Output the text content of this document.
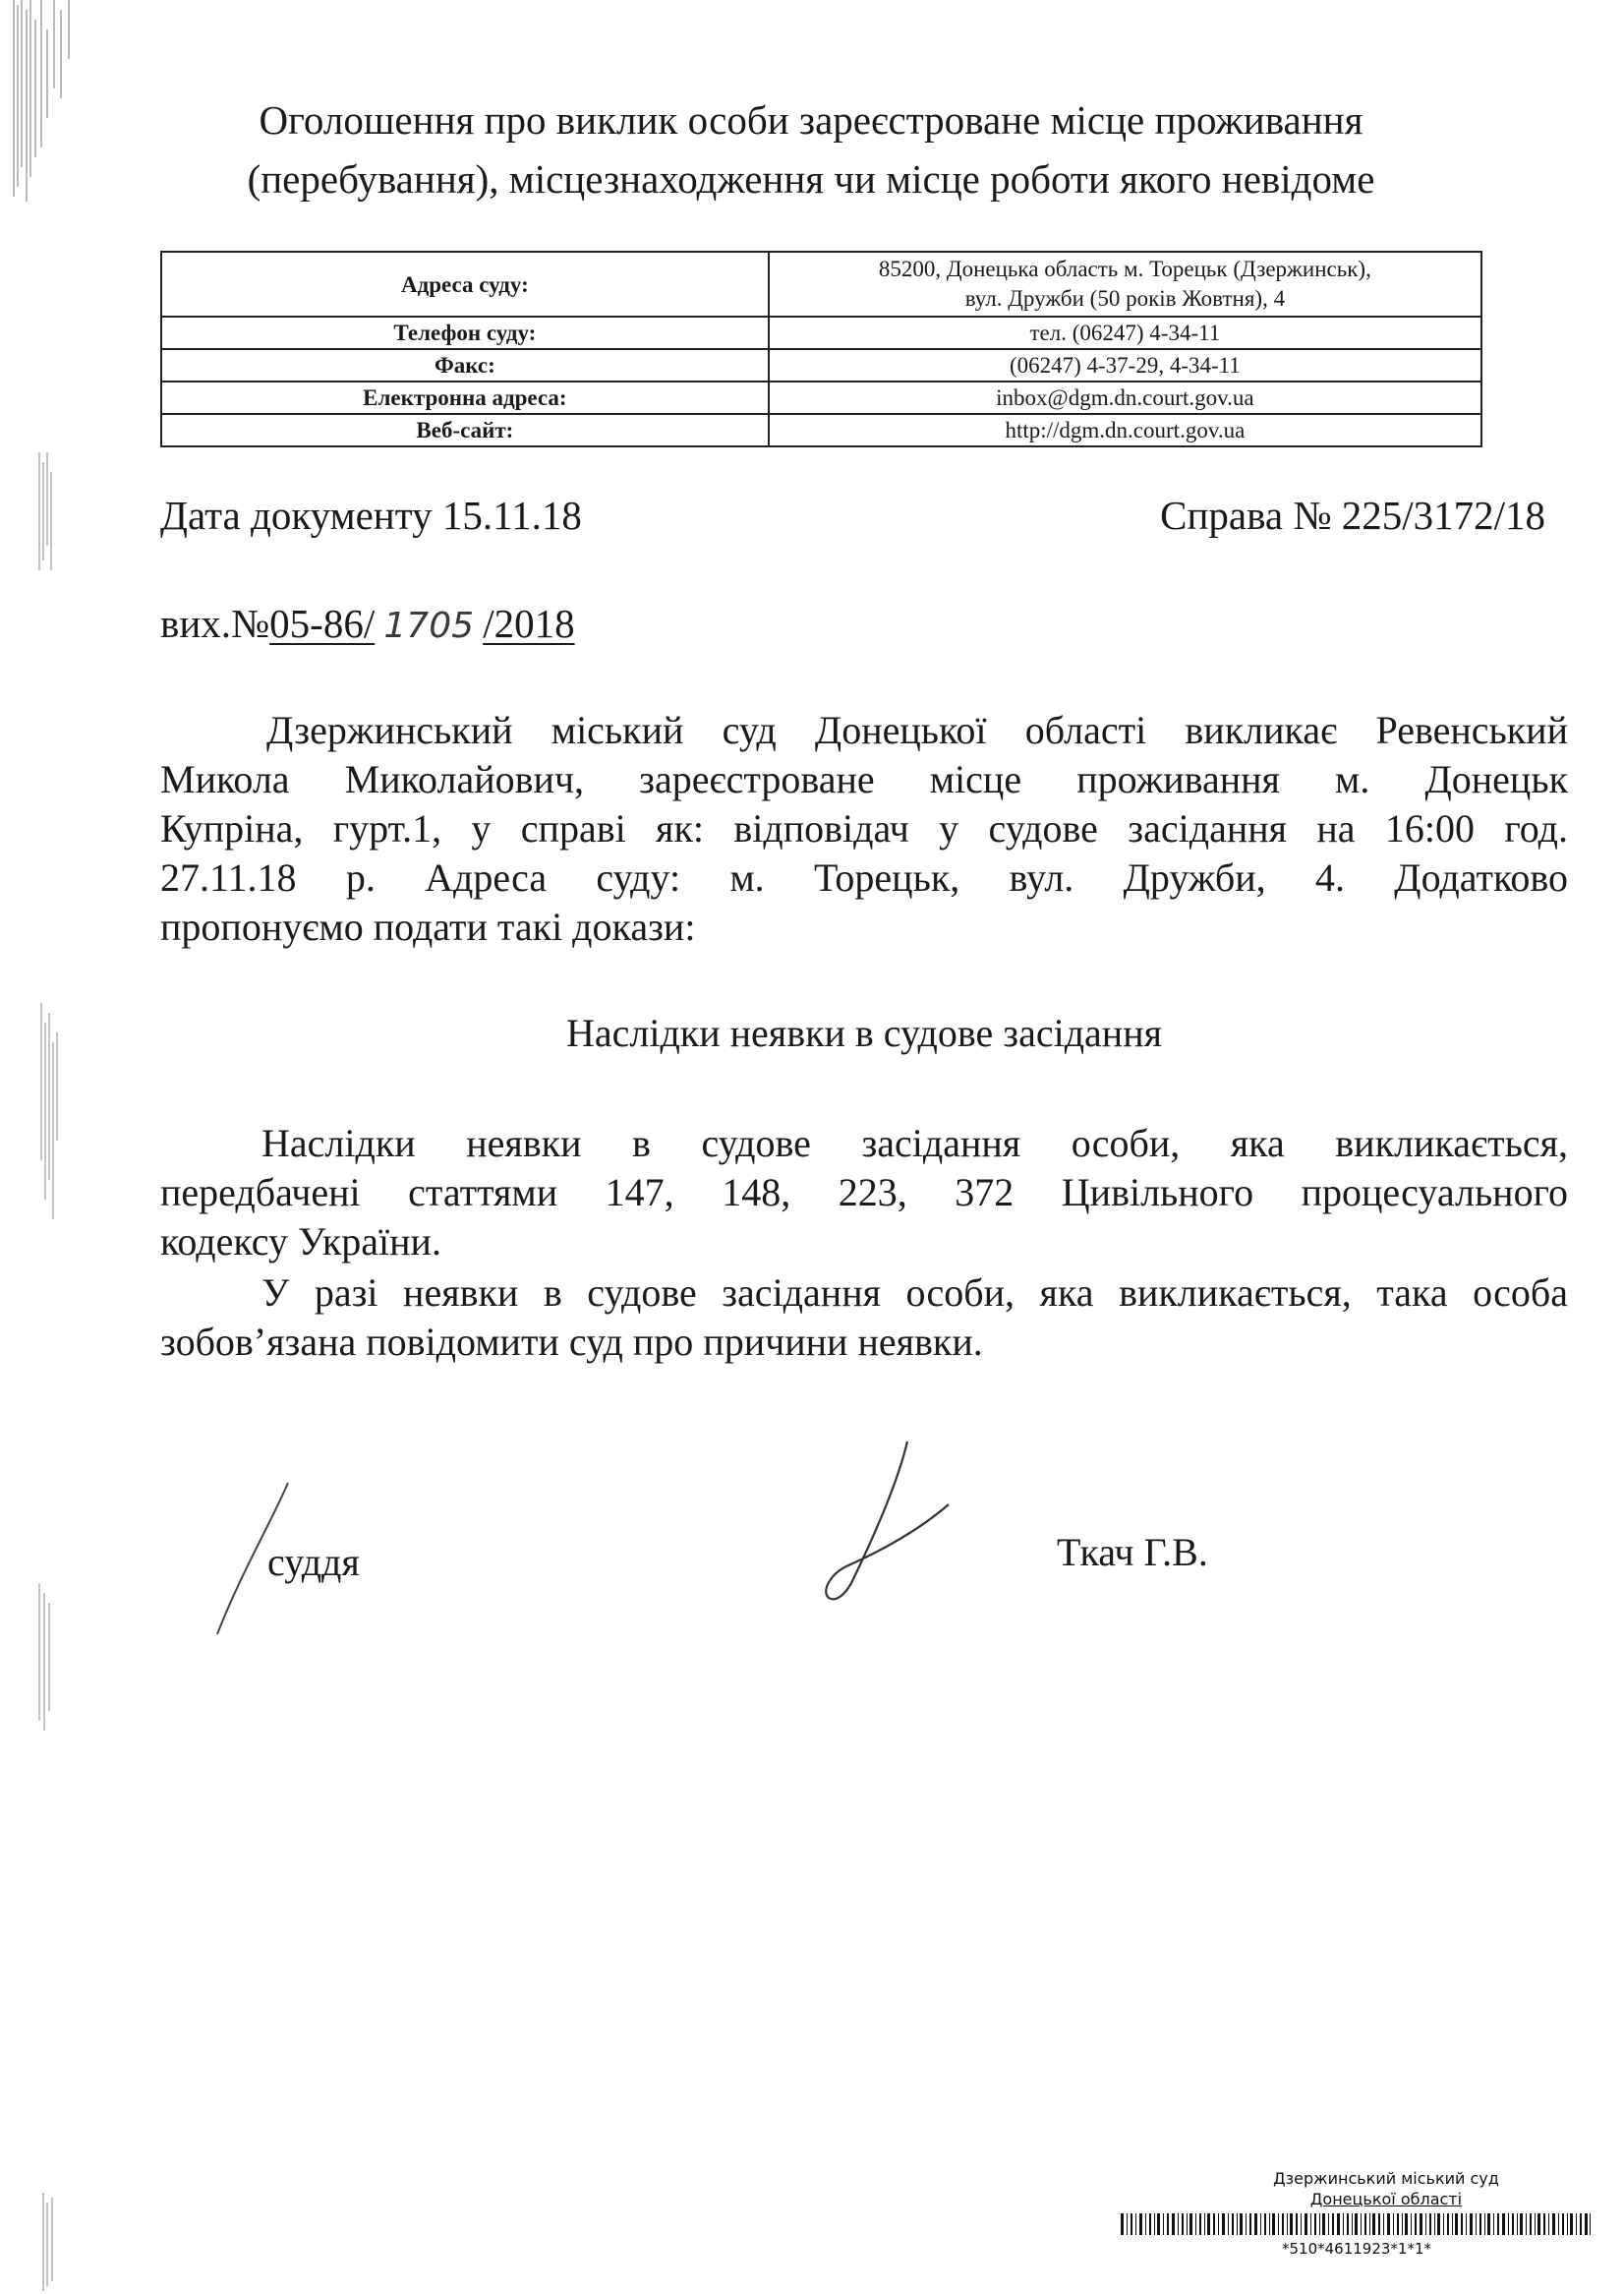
Оголошення про виклик особи зареєстроване місце проживання
(перебування), місцезнаходження чи місце роботи якого невідоме
Адреса суду:	85200, Донецька область м. Торецьк (Дзержинськ),
вул. Дружби (50 років Жовтня), 4

Телефон суду:	тел. (06247) 4-34-11
Факс:	(06247) 4-37-29, 4-34-11
Електронна адреса:	inbox@dgm.dn.court.gov.ua
Веб-сайт:	http://dgm.dn.court.gov.ua
Дата документу 15.11.18	Справа № 225/3172/18
вих.№05-86/ 1705 /2018
Дзержинський міський суд Донецької області викликає Ревенський
Микола Миколайович, зареєстроване місце проживання м. Донецьк
Купріна, гурт.1, у справі як: відповідач у судове засідання на 16:00 год.
27.11.18 р. Адреса суду: м. Торецьк, вул. Дружби, 4. Додатково
пропонуємо подати такі докази:
Наслідки неявки в судове засідання
Наслідки неявки в судове засідання особи, яка викликається,
передбачені статтями 147, 148, 223, 372 Цивільного процесуального
кодексу України.
У разі неявки в судове засідання особи, яка викликається, така особа
зобов’язана повідомити суд про причини неявки.
суддя	Ткач Г.В.
Дзержинський міський суд
Донецької області
*510*4611923*1*1*
